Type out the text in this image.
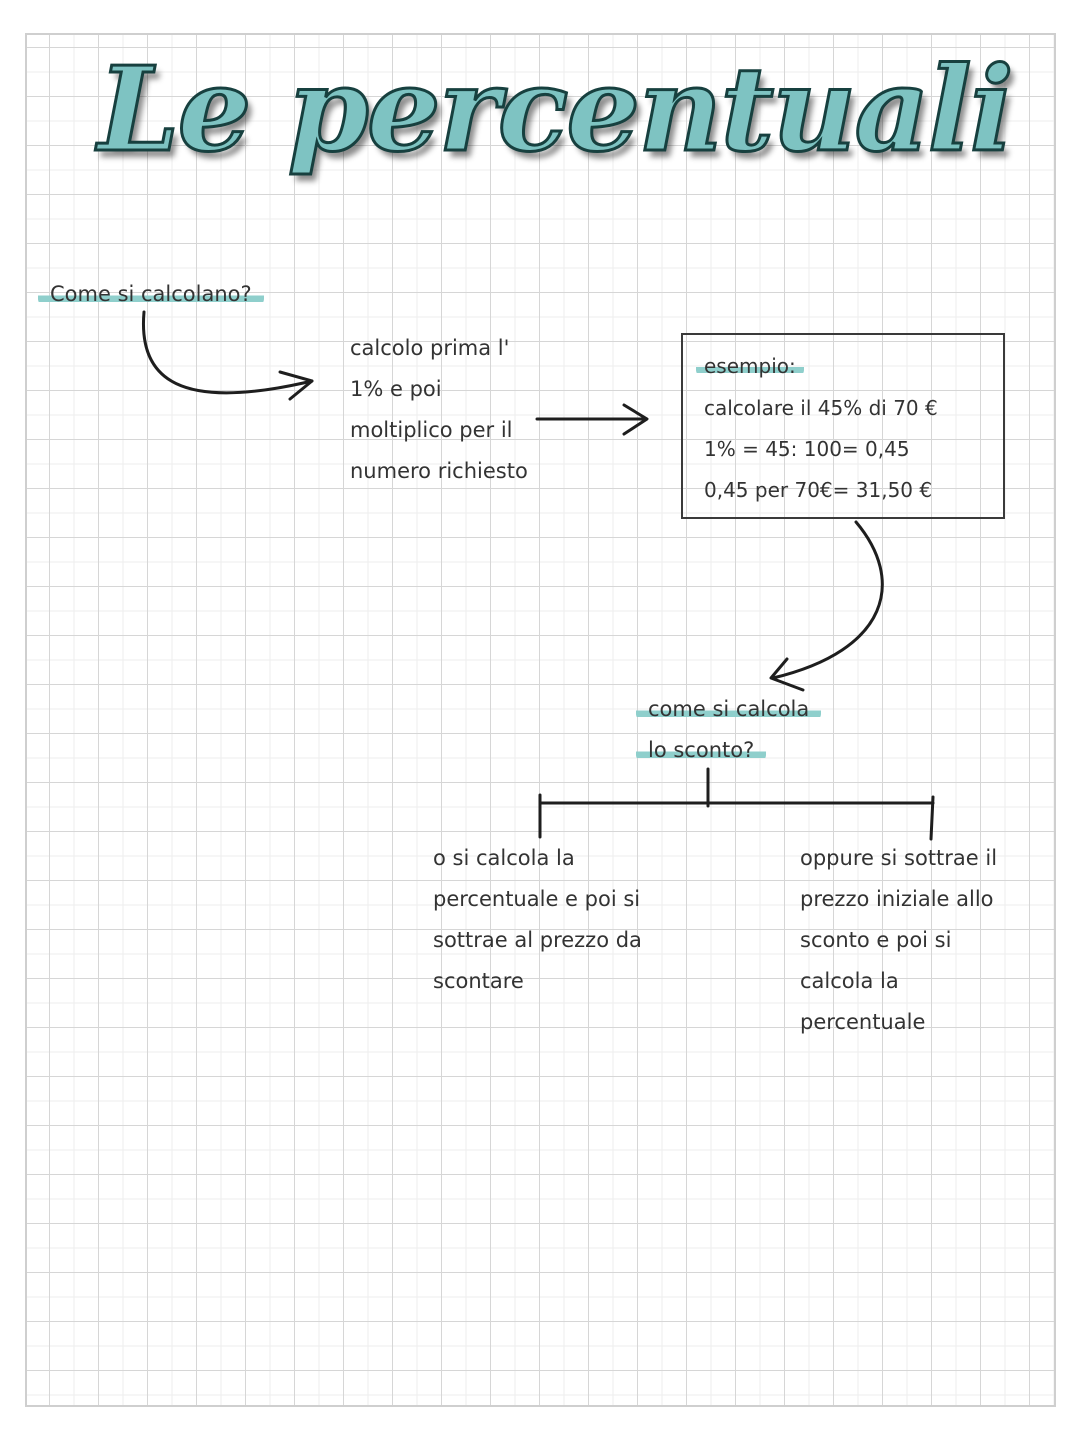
Le percentuali
Come si calcolano?
calcolo prima l'
1% e poi
moltiplico per il
numero richiesto
esempio:
calcolare il 45% di 70 €
1% = 45: 100= 0,45
0,45 per 70€= 31,50 €
come si calcola
lo sconto?
o si calcola la
percentuale e poi si
sottrae al prezzo da
scontare
oppure si sottrae il
prezzo iniziale allo
sconto e poi si
calcola la
percentuale
